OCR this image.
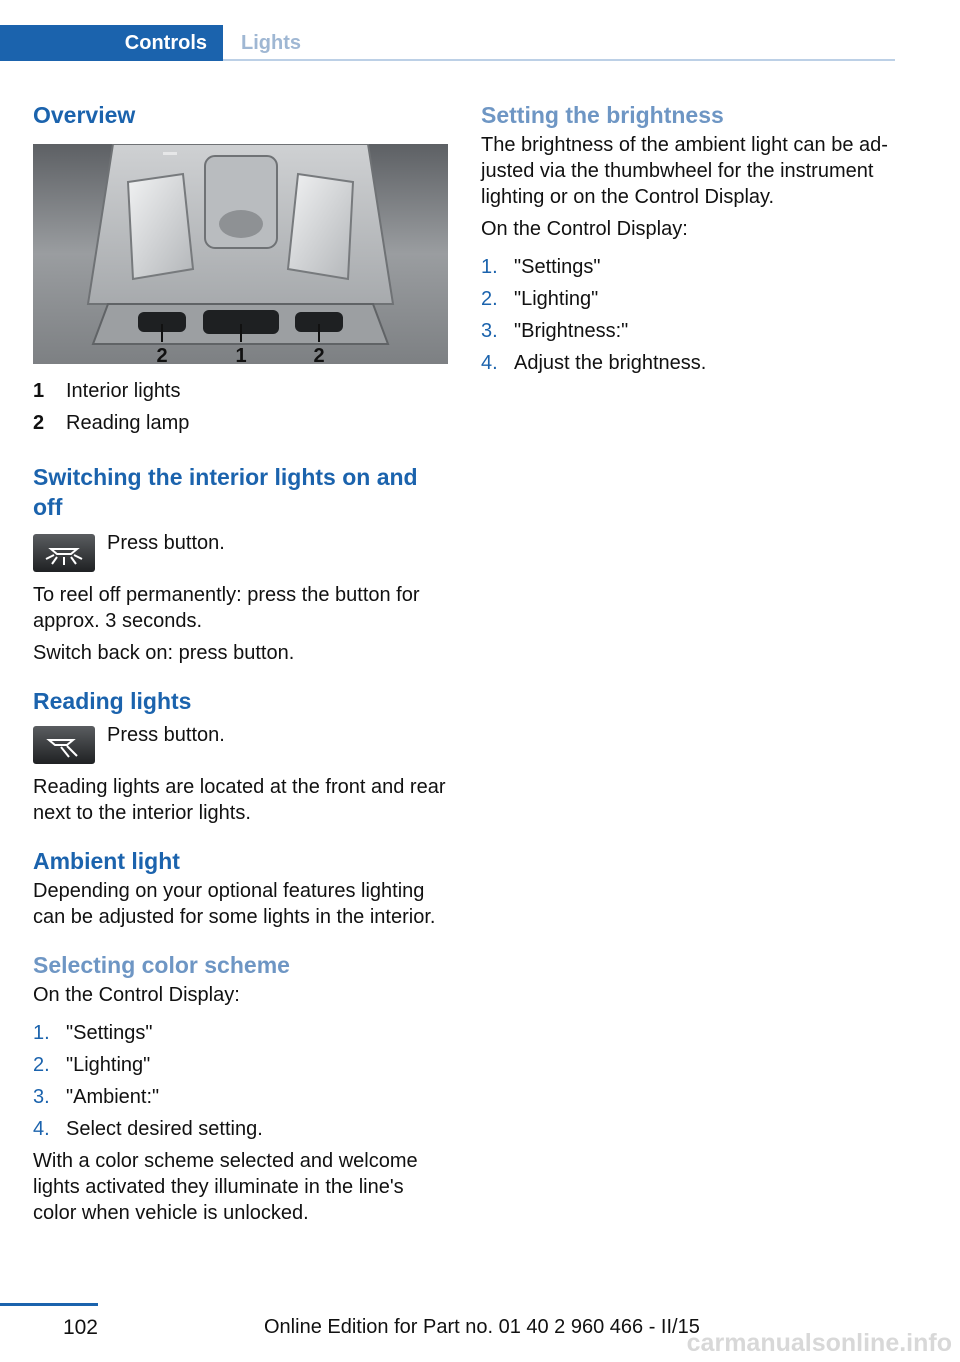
Controls	Lights
Overview
2	1	2
1	Interior lights
2	Reading lamp
Switching the interior lights on and off

Press button.

To reel off permanently: press the button for approx. 3 seconds.

Switch back on: press button.

Reading lights

Press button.

Reading lights are located at the front and rear next to the interior lights.

Ambient light

Depending on your optional features lighting can be adjusted for some lights in the interior.

Selecting color scheme

On the Control Display:

1. "Settings"
2. "Lighting"
3. "Ambient:"
4. Select desired setting.

With a color scheme selected and welcome lights activated they illuminate in the line's color when vehicle is unlocked.

Setting the brightness

The brightness of the ambient light can be ad‐justed via the thumbwheel for the instrument lighting or on the Control Display.

On the Control Display:

1. "Settings"
2. "Lighting"
3. "Brightness:"
4. Adjust the brightness.
102	Online Edition for Part no. 01 40 2 960 466 - II/15
carmanualsonline.info
